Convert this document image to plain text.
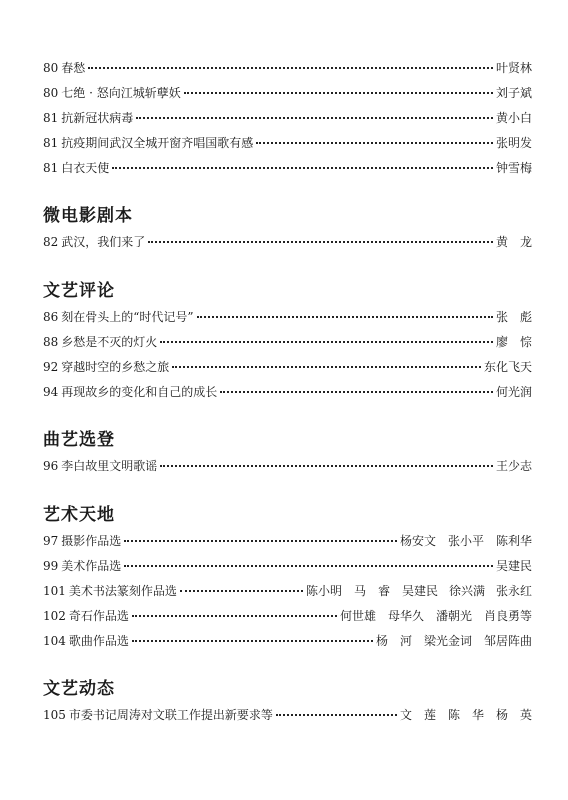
80 春愁	叶贤林
80 七绝 · 怒向江城斩孽妖	刘子斌
81 抗新冠状病毒	黄小白
81 抗疫期间武汉全城开窗齐唱国歌有感	张明发
81 白衣天使	钟雪梅
微电影剧本
82 武汉，我们来了	黄　龙
文艺评论
86 刻在骨头上的“时代记号”	张　彪
88 乡愁是不灭的灯火	廖　悰
92 穿越时空的乡愁之旅	东化飞天
94 再现故乡的变化和自己的成长	何光润
曲艺选登
96 李白故里文明歌谣	王少志
艺术天地
97 摄影作品选	杨安文　张小平　陈利华
99 美术作品选	吴建民
101 美术书法篆刻作品选	陈小明　马　睿　吴建民 徐兴满 张永红
102 奇石作品选	何世雄　母华久　潘朝光　肖良勇等
104 歌曲作品选	杨　河　梁光金词　邹居阵曲
文艺动态
105 市委书记周涛对文联工作提出新要求等	文　莲　陈　华　杨　英
